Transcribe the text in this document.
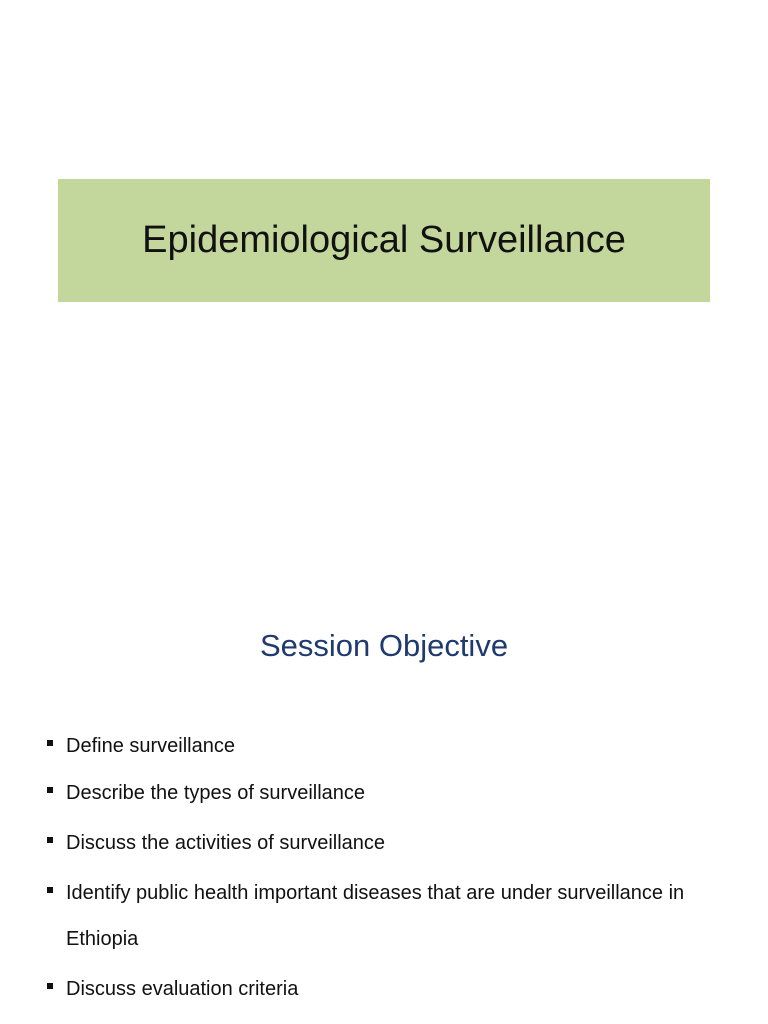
Epidemiological Surveillance
Session Objective
Define surveillance
Describe the types of surveillance
Discuss the activities of surveillance
Identify public health important diseases that are under surveillance in Ethiopia
Discuss evaluation criteria
